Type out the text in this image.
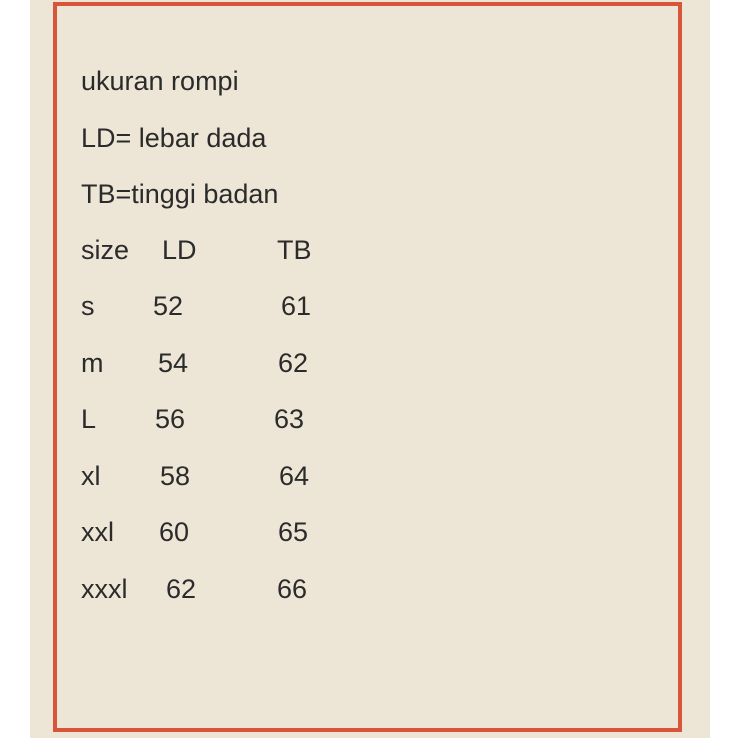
ukuran rompi
LD= lebar dada
TB=tinggi badan
size LD	TB
s 52	61
m 54	62
L 56	63
xl 58	64
xxl 60	65
xxxl 62	66
